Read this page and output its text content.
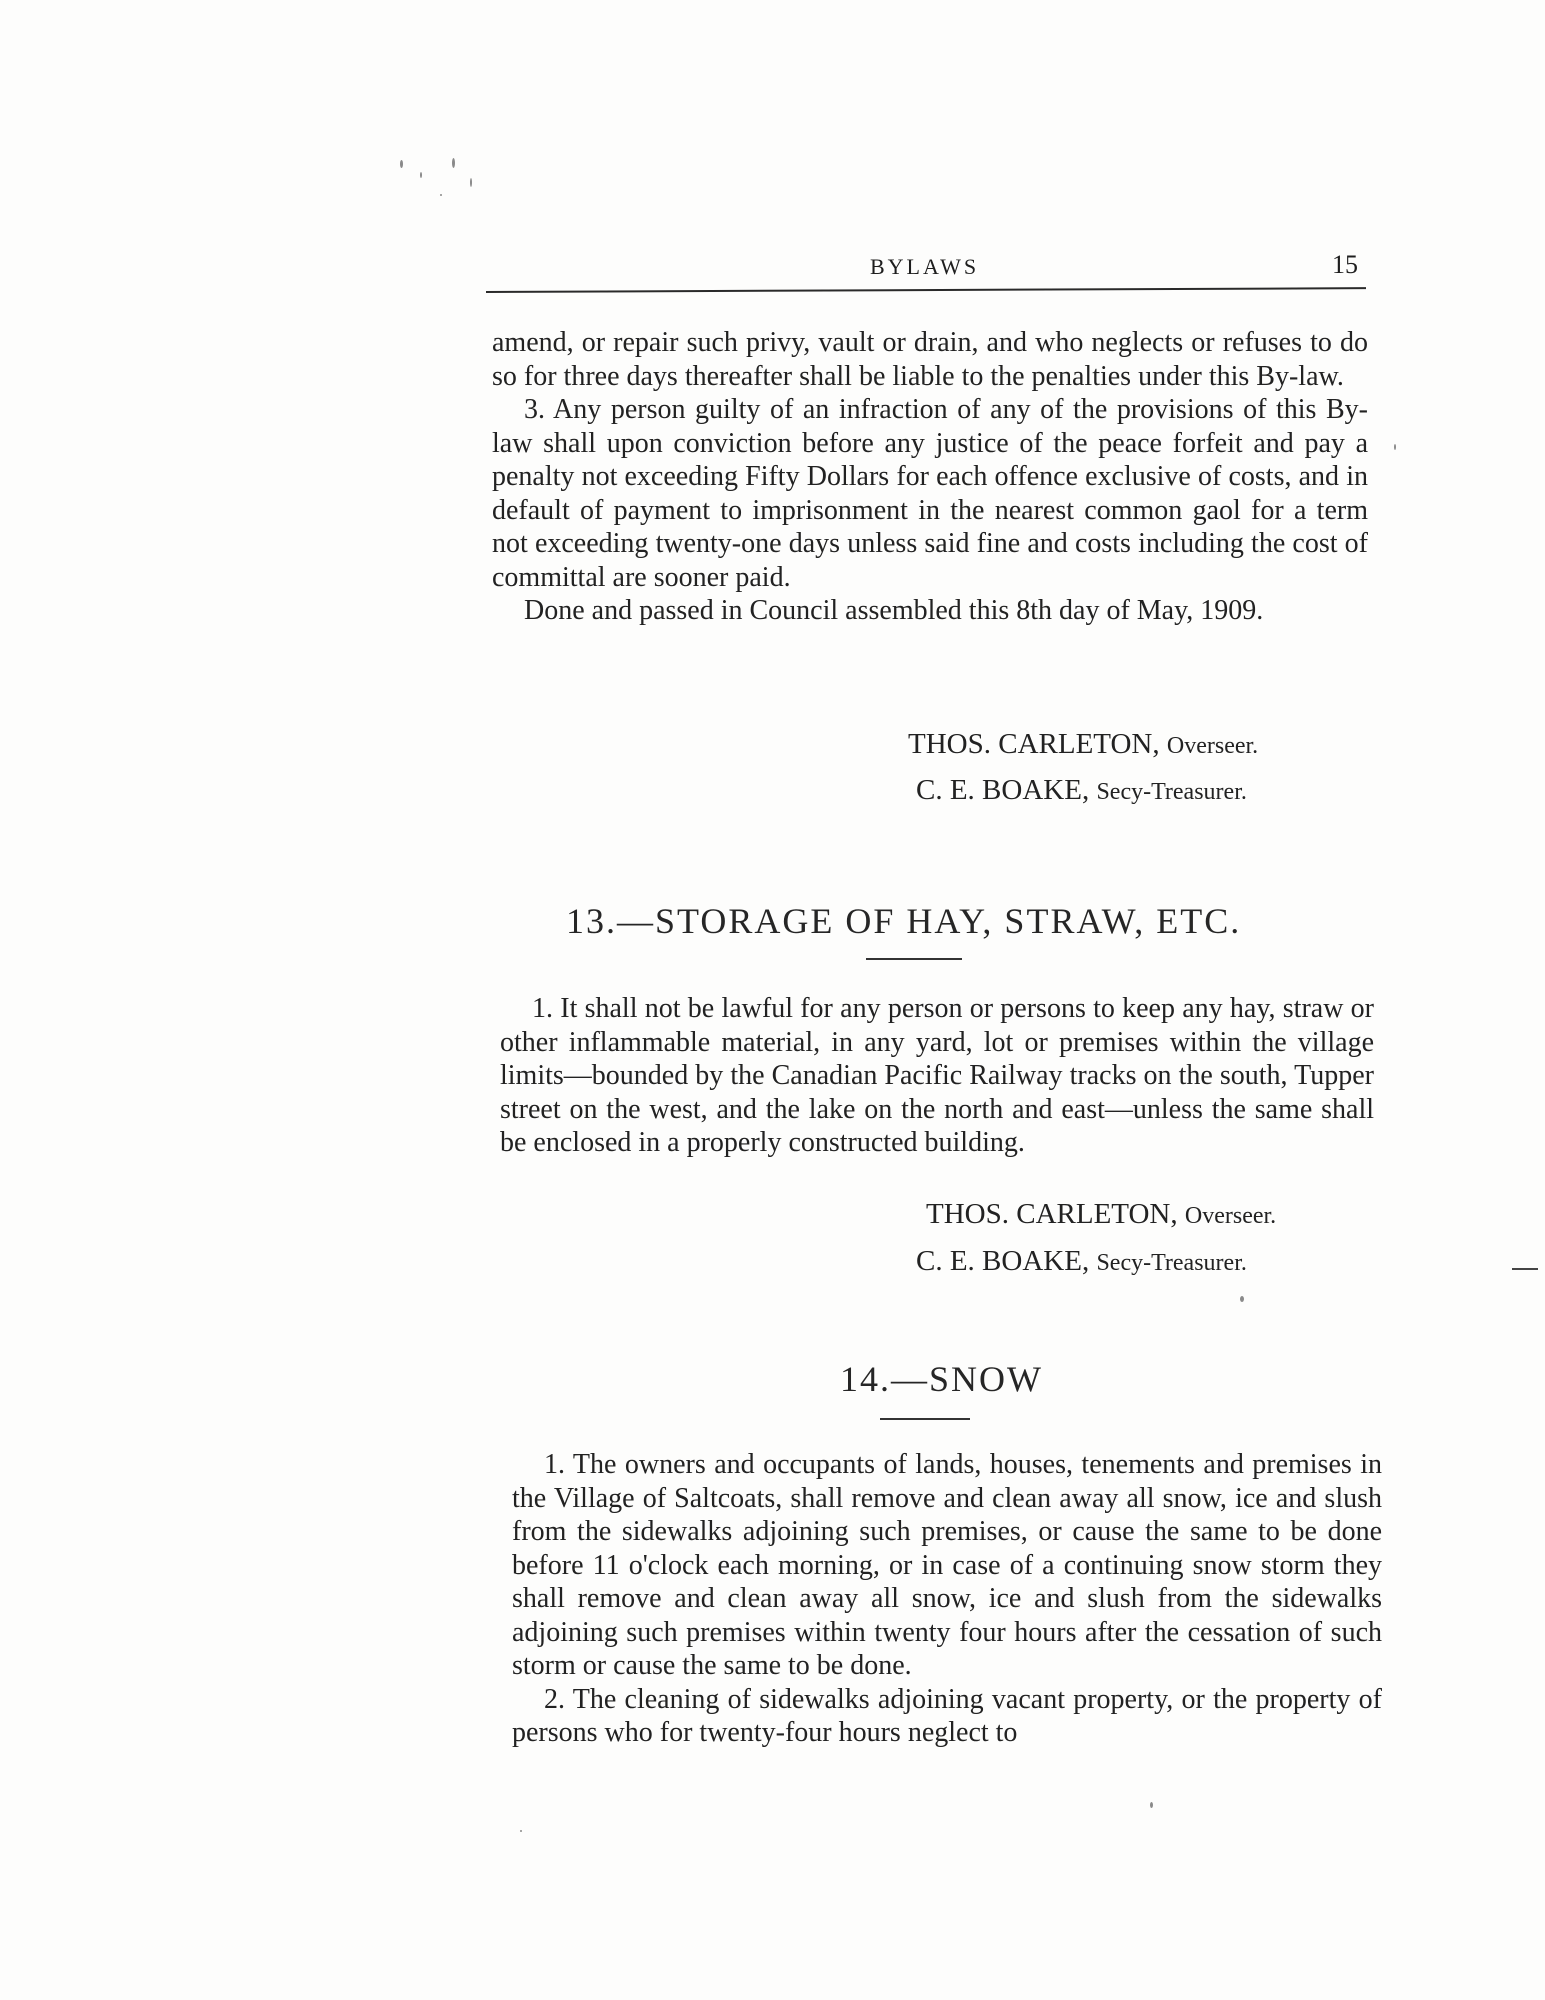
BYLAWS	15

amend, or repair such privy, vault or drain, and who neglects or refuses to do so for three days thereafter shall be liable to the penalties under this By-law.

3. Any person guilty of an infraction of any of the provisions of this By-law shall upon conviction before any justice of the peace forfeit and pay a penalty not exceeding Fifty Dollars for each offence exclusive of costs, and in default of payment to imprisonment in the nearest common gaol for a term not exceeding twenty-one days unless said fine and costs including the cost of committal are sooner paid.

Done and passed in Council assembled this 8th day of May, 1909.

THOS. CARLETON, Overseer.
C. E. BOAKE, Secy-Treasurer.
13.—STORAGE OF HAY, STRAW, ETC.

1. It shall not be lawful for any person or persons to keep any hay, straw or other inflammable material, in any yard, lot or premises within the village limits—bounded by the Canadian Pacific Railway tracks on the south, Tupper street on the west, and the lake on the north and east—unless the same shall be enclosed in a properly constructed building.

THOS. CARLETON, Overseer.
C. E. BOAKE, Secy-Treasurer.
14.—SNOW

1. The owners and occupants of lands, houses, tenements and premises in the Village of Saltcoats, shall remove and clean away all snow, ice and slush from the sidewalks adjoining such premises, or cause the same to be done before 11 o'clock each morning, or in case of a continuing snow storm they shall remove and clean away all snow, ice and slush from the sidewalks adjoining such premises within twenty four hours after the cessation of such storm or cause the same to be done.

2. The cleaning of sidewalks adjoining vacant property, or the property of persons who for twenty-four hours neglect to
